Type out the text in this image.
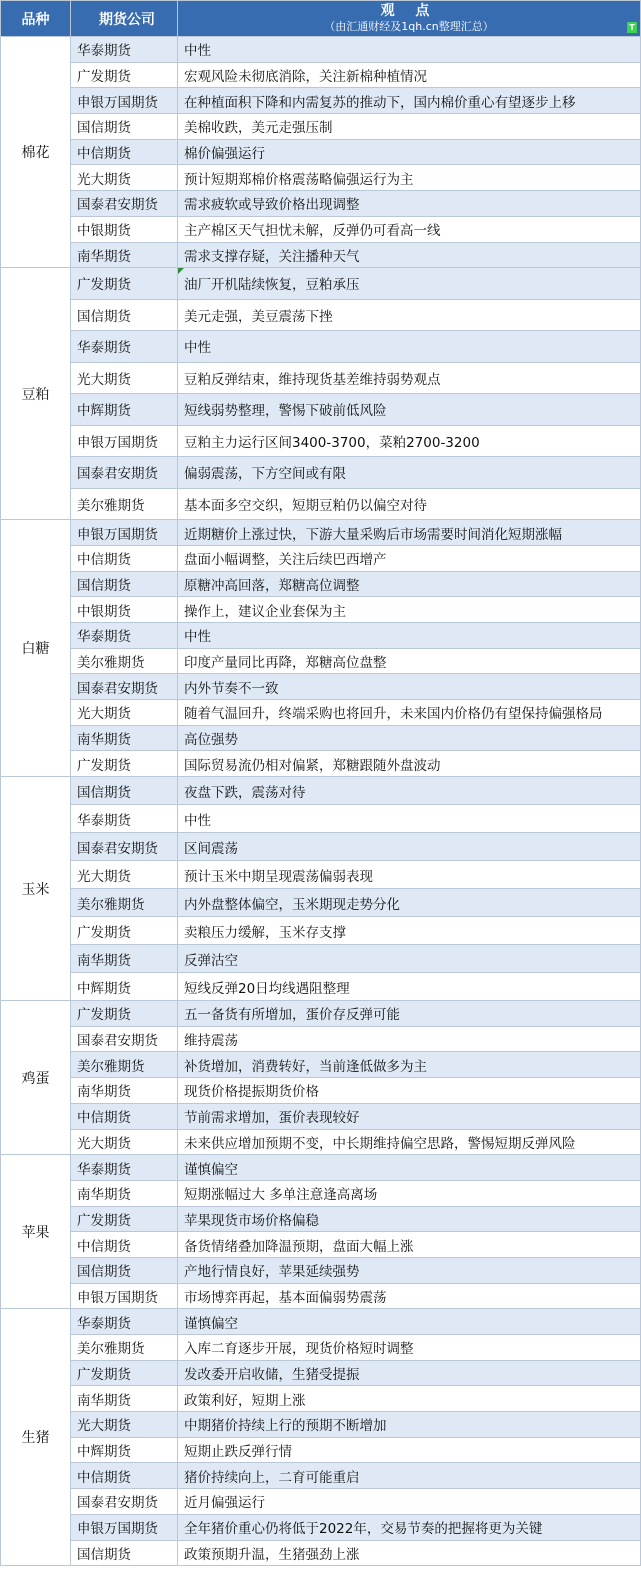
品种	期货公司	观 点
（由汇通财经及1qh.cn整理汇总） T

棉花	华泰期货	中性
	广发期货	宏观风险未彻底消除，关注新棉种植情况
	申银万国期货	在种植面积下降和内需复苏的推动下，国内棉价重心有望逐步上移
	国信期货	美棉收跌，美元走强压制
	中信期货	棉价偏强运行
	光大期货	预计短期郑棉价格震荡略偏强运行为主
	国泰君安期货	需求疲软或导致价格出现调整
	中银期货	主产棉区天气担忧未解，反弹仍可看高一线
	南华期货	需求支撑存疑，关注播种天气
豆粕	广发期货	油厂开机陆续恢复，豆粕承压
	国信期货	美元走强，美豆震荡下挫
	华泰期货	中性
	光大期货	豆粕反弹结束，维持现货基差维持弱势观点
	中辉期货	短线弱势整理，警惕下破前低风险
	申银万国期货	豆粕主力运行区间3400-3700，菜粕2700-3200
	国泰君安期货	偏弱震荡，下方空间或有限
	美尔雅期货	基本面多空交织，短期豆粕仍以偏空对待
白糖	申银万国期货	近期糖价上涨过快，下游大量采购后市场需要时间消化短期涨幅
	中信期货	盘面小幅调整，关注后续巴西增产
	国信期货	原糖冲高回落，郑糖高位调整
	中银期货	操作上，建议企业套保为主
	华泰期货	中性
	美尔雅期货	印度产量同比再降，郑糖高位盘整
	国泰君安期货	内外节奏不一致
	光大期货	随着气温回升，终端采购也将回升，未来国内价格仍有望保持偏强格局
	南华期货	高位强势
	广发期货	国际贸易流仍相对偏紧，郑糖跟随外盘波动
玉米	国信期货	夜盘下跌，震荡对待
	华泰期货	中性
	国泰君安期货	区间震荡
	光大期货	预计玉米中期呈现震荡偏弱表现
	美尔雅期货	内外盘整体偏空，玉米期现走势分化
	广发期货	卖粮压力缓解，玉米存支撑
	南华期货	反弹沽空
	中辉期货	短线反弹20日均线遇阻整理
鸡蛋	广发期货	五一备货有所增加，蛋价存反弹可能
	国泰君安期货	维持震荡
	美尔雅期货	补货增加，消费转好，当前逢低做多为主
	南华期货	现货价格提振期货价格
	中信期货	节前需求增加，蛋价表现较好
	光大期货	未来供应增加预期不变，中长期维持偏空思路，警惕短期反弹风险
苹果	华泰期货	谨慎偏空
	南华期货	短期涨幅过大 多单注意逢高离场
	广发期货	苹果现货市场价格偏稳
	中信期货	备货情绪叠加降温预期，盘面大幅上涨
	国信期货	产地行情良好，苹果延续强势
	申银万国期货	市场博弈再起，基本面偏弱势震荡
生猪	华泰期货	谨慎偏空
	美尔雅期货	入库二育逐步开展，现货价格短时调整
	广发期货	发改委开启收储，生猪受提振
	南华期货	政策利好，短期上涨
	光大期货	中期猪价持续上行的预期不断增加
	中辉期货	短期止跌反弹行情
	中信期货	猪价持续向上，二育可能重启
	国泰君安期货	近月偏强运行
	申银万国期货	全年猪价重心仍将低于2022年，交易节奏的把握将更为关键
	国信期货	政策预期升温，生猪强劲上涨
